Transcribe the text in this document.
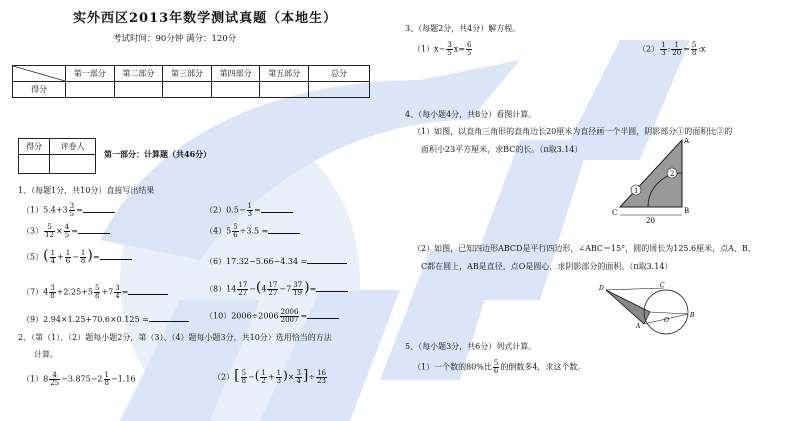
实外西区2013年数学测试真题（本地生）
考试时间：90分钟 满分：120分
	第一部分	第二部分	第三部分	第四部分	第五部分	总分
得分						
得分	评卷人

第一部分：计算题（共46分）
1、（每题1分，共10分）直接写出结果
$(1)5.4+3 \frac{3}{5}$ =	$(2)0.5- \frac{1}{3}$ =
$(3) \frac{5}{12} \times \frac{4}{5}$ =	$(4)5 \frac{5}{6} \div 3.5$ =
$(5)( \frac{1}{4} + \frac{1}{6} - \frac{1}{8}$ )=	（6）17.32−5.66−4.34 =
$(7)4 \frac{3}{8} +2.25+5 \frac{5}{8} +7 \frac{3}{4}$ =	$(8)14 \frac{17}{27} -(4 \frac{17}{27} -7 \frac{37}{19}$ )=
（9）2.94×1.25+70.6×0.125 =	$(10)2006\div 2006 \frac{2006}{2007}$ =
2、（第（1）、（2）题每小题2分，第（3）、（4）题每小题3分，共10分）选用恰当的方法
计算。
$(1)8 \frac{4}{25} -3.875-2 \frac{1}{8} -1.16$	$(2)[ \frac{5}{8}$ −( $\frac{1}{2} + \frac{1}{3}$ )× $\frac{3}{4}$ ]÷ $\frac{16}{23}$
3、（每题2分，共4分）解方程。
$(1)x- \frac{3}{5} x= \frac{6}{5}$	$(2) \frac{1}{3}$ : $\frac{1}{20} = \frac{5}{8}$ :x
4、（每小题4分，共8分）看图计算。
（1）如图，以直角三角形的直角边长20厘米为直径画一个半圆，阴影部分①的面积比②的
面积小23平方厘米，求BC的长。（π取3.14）
1
2
A
B
C
20
（2）如图，已知四边形ABCD是平行四边形，∠ABC＝15°，圆的周长为125.6厘米，点A、B、
C都在圆上，AB是直径，点O是圆心，求阴影部分的面积。（π取3.14）
D	C
A
O
B
5、（每小题3分，共6分）列式计算。
（1）一个数的80%比 $\frac{5}{6}$ 的倒数多4，求这个数。
